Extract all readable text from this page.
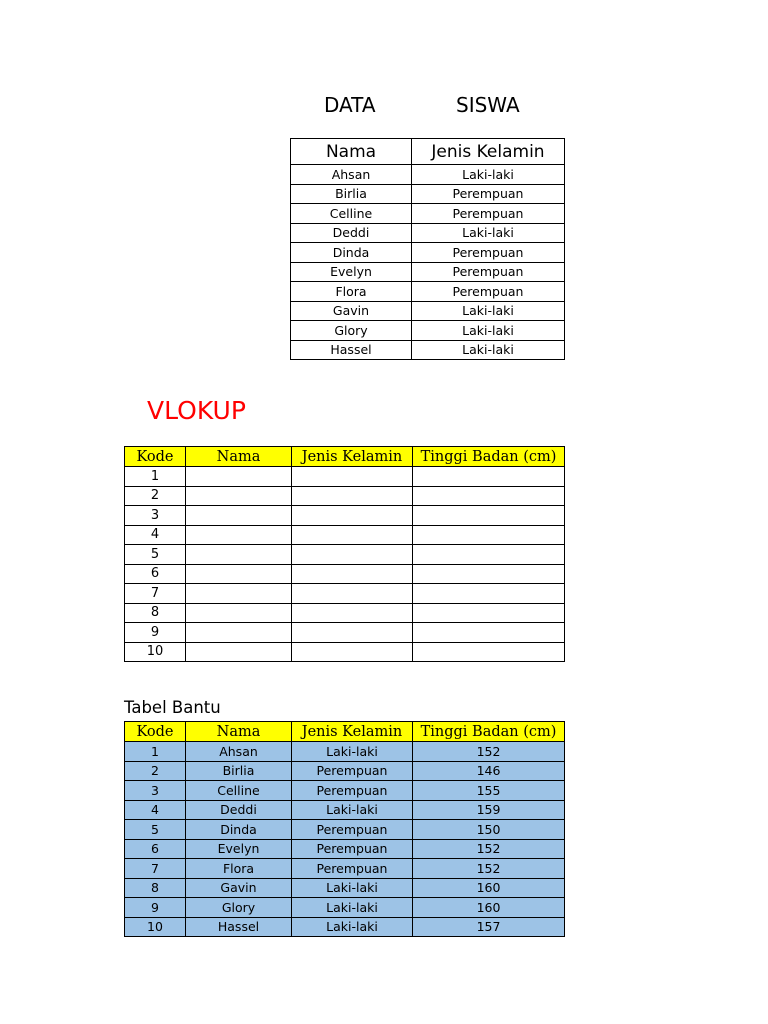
DATA	SISWA
Nama	Jenis Kelamin
Ahsan	Laki-laki
Birlia	Perempuan
Celline	Perempuan
Deddi	Laki-laki
Dinda	Perempuan
Evelyn	Perempuan
Flora	Perempuan
Gavin	Laki-laki
Glory	Laki-laki
Hassel	Laki-laki
VLOKUP
Kode	Nama	Jenis Kelamin	Tinggi Badan (cm)
1			
2			
3			
4			
5			
6			
7			
8			
9			
10			
Tabel Bantu
Kode	Nama	Jenis Kelamin	Tinggi Badan (cm)
1	Ahsan	Laki-laki	152
2	Birlia	Perempuan	146
3	Celline	Perempuan	155
4	Deddi	Laki-laki	159
5	Dinda	Perempuan	150
6	Evelyn	Perempuan	152
7	Flora	Perempuan	152
8	Gavin	Laki-laki	160
9	Glory	Laki-laki	160
10	Hassel	Laki-laki	157
